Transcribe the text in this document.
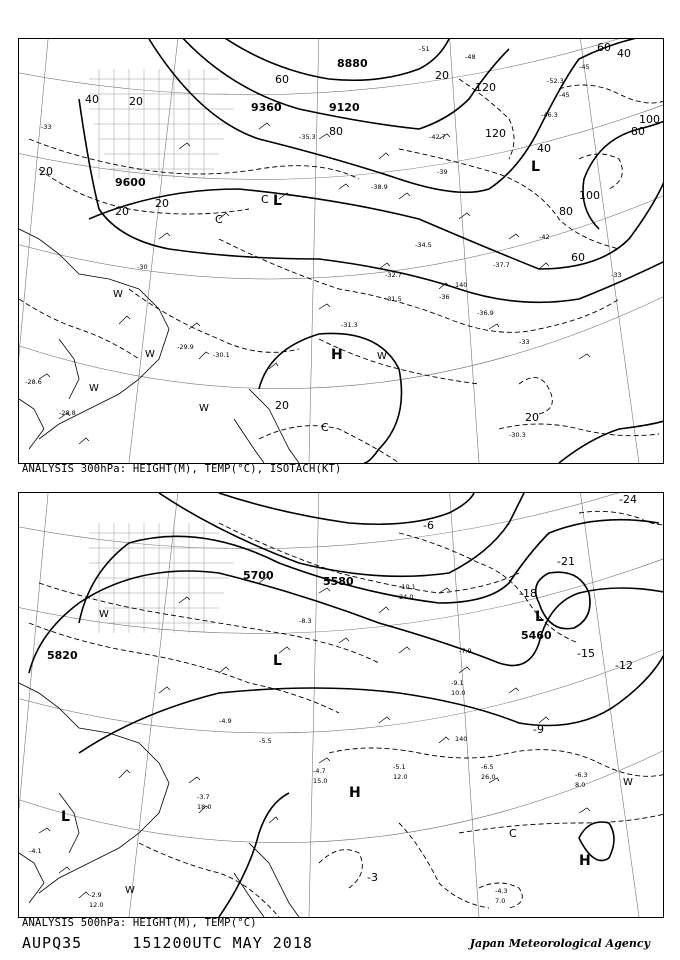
9360	9120
9600
8880
20
20
20
20
20
20
20
40
40
40
60
60
60
80	80
80
100
100
120
120
H
L
L
C
C
C
W
W
W
W
W
-30
-33
-33
-33
-36
-39
-42
-45
-45
-48
-51
140
-31.3
-31.5
-34.5
-36.9
-37.7
-30.3
-29.9
-28.6
-42.7
-46.3
-52.3
-38.9
-32.7
-35.3
-30.1
-28.8
ANALYSIS 300hPa: HEIGHT(M), TEMP(°C), ISOTACH(KT)
5700	5580
5820
5460
-3
-6
-9
-12
-15
-18
-21
-24
H
H
L
L
L
C
W
W
W
140
-4.3
7.0
-6.5
26.0	-6.3
8.0
-5.1
12.0
-4.7
15.0
-10.1
24.0
-9.1
10.0
-3.7
18.0
-2.9
12.0
-4.1
-5.5
-8.3
-7.9
-4.9
ANALYSIS 500hPa: HEIGHT(M), TEMP(°C)
AUPQ35	151200UTC MAY 2018	Japan Meteorological Agency
